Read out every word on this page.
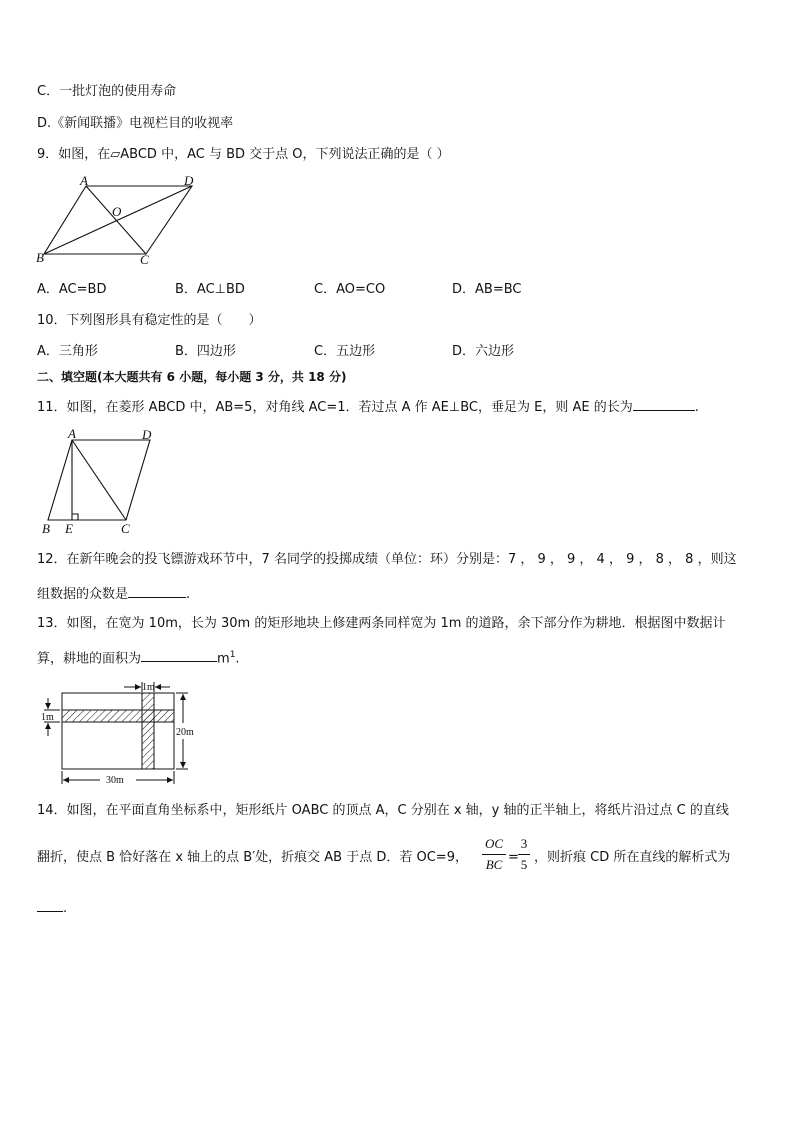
C．一批灯泡的使用寿命
D.《新闻联播》电视栏目的收视率
9．如图，在▱ABCD 中，AC 与 BD 交于点 O，下列说法正确的是（ ）
A	D
O
B	C
A．AC=BD	B．AC⊥BD	C．AO=CO	D．AB=BC
10．下列图形具有稳定性的是（　　）
A．三角形	B．四边形	C．五边形	D．六边形
二、填空题(本大题共有 6 小题，每小题 3 分，共 18 分)
11．如图，在菱形 ABCD 中，AB=5，对角线 AC=1．若过点 A 作 AE⊥BC，垂足为 E，则 AE 的长为	.
A	D
B E	C
12．在新年晚会的投飞镖游戏环节中，7 名同学的投掷成绩（单位：环）分别是：7 ， 9 ， 9 ， 4 ， 9 ， 8 ， 8 ，则这
组数据的众数是	.
13．如图，在宽为 10m，长为 30m 的矩形地块上修建两条同样宽为 1m 的道路，余下部分作为耕地．根据图中数据计
算，耕地的面积为	$m^1$.
1m
1m
20m
30m
14．如图，在平面直角坐标系中，矩形纸片 OABC 的顶点 A，C 分别在 x 轴，y 轴的正半轴上，将纸片沿过点 C 的直线
翻折，使点 B 恰好落在 x 轴上的点 B′处，折痕交 AB 于点 D．若 OC=9，
OC
BC =
3
5 ，则折痕 CD 所在直线的解析式为
.
